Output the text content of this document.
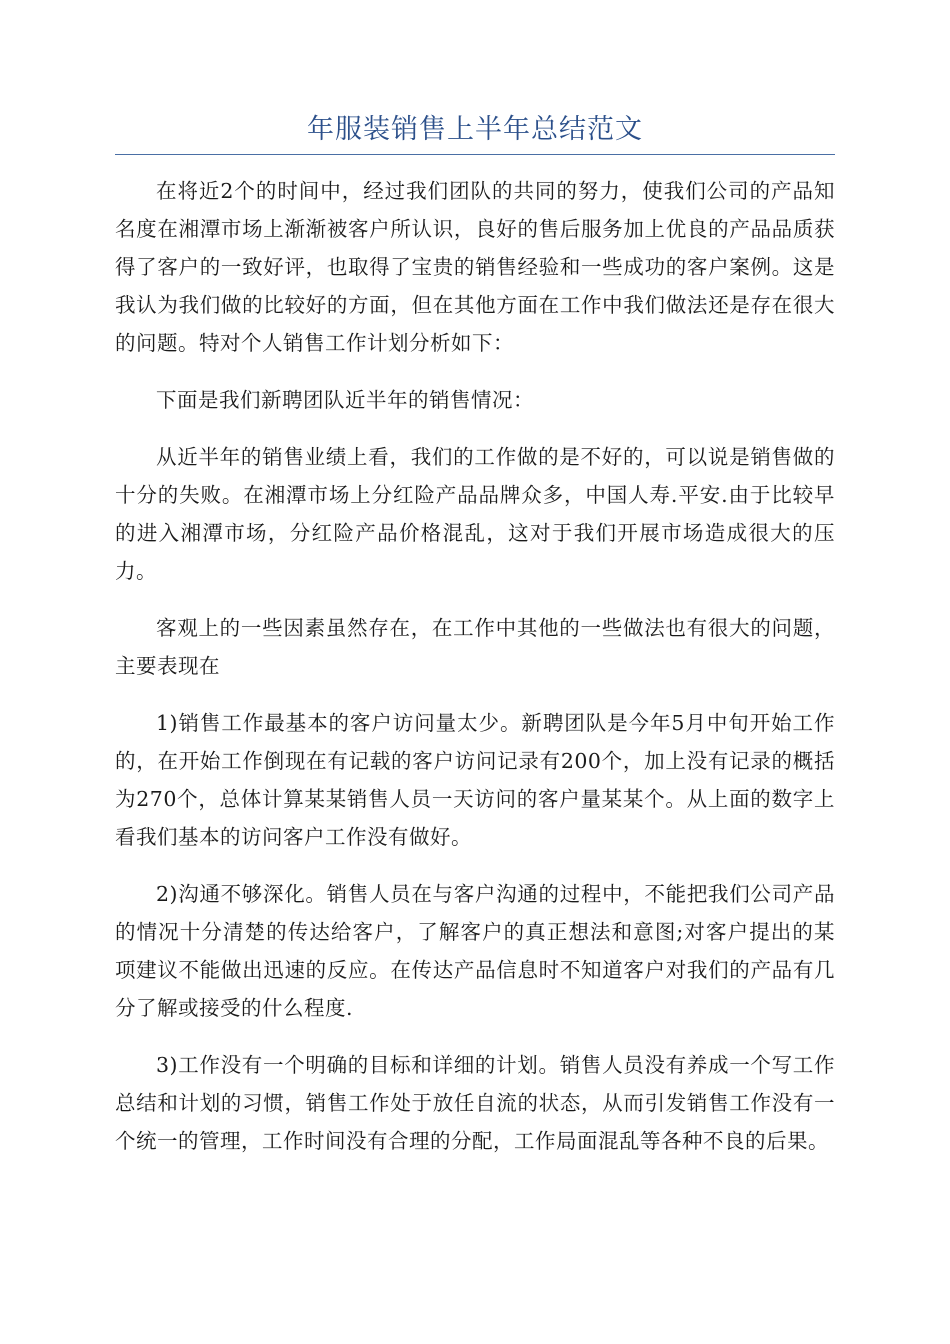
年服装销售上半年总结范文

在将近2个的时间中，经过我们团队的共同的努力，使我们公司的产品知名度在湘潭市场上渐渐被客户所认识，良好的售后服务加上优良的产品品质获得了客户的一致好评，也取得了宝贵的销售经验和一些成功的客户案例。这是我认为我们做的比较好的方面，但在其他方面在工作中我们做法还是存在很大的问题。特对个人销售工作计划分析如下：

下面是我们新聘团队近半年的销售情况：

从近半年的销售业绩上看，我们的工作做的是不好的，可以说是销售做的十分的失败。在湘潭市场上分红险产品品牌众多，中国人寿.平安.由于比较早的进入湘潭市场，分红险产品价格混乱，这对于我们开展市场造成很大的压力。

客观上的一些因素虽然存在，在工作中其他的一些做法也有很大的问题，主要表现在

1)销售工作最基本的客户访问量太少。新聘团队是今年5月中旬开始工作的，在开始工作倒现在有记载的客户访问记录有200个，加上没有记录的概括为270个，总体计算某某销售人员一天访问的客户量某某个。从上面的数字上看我们基本的访问客户工作没有做好。

2)沟通不够深化。销售人员在与客户沟通的过程中，不能把我们公司产品的情况十分清楚的传达给客户，了解客户的真正想法和意图;对客户提出的某项建议不能做出迅速的反应。在传达产品信息时不知道客户对我们的产品有几分了解或接受的什么程度.

3)工作没有一个明确的目标和详细的计划。销售人员没有养成一个写工作总结和计划的习惯，销售工作处于放任自流的状态，从而引发销售工作没有一个统一的管理，工作时间没有合理的分配，工作局面混乱等各种不良的后果。
